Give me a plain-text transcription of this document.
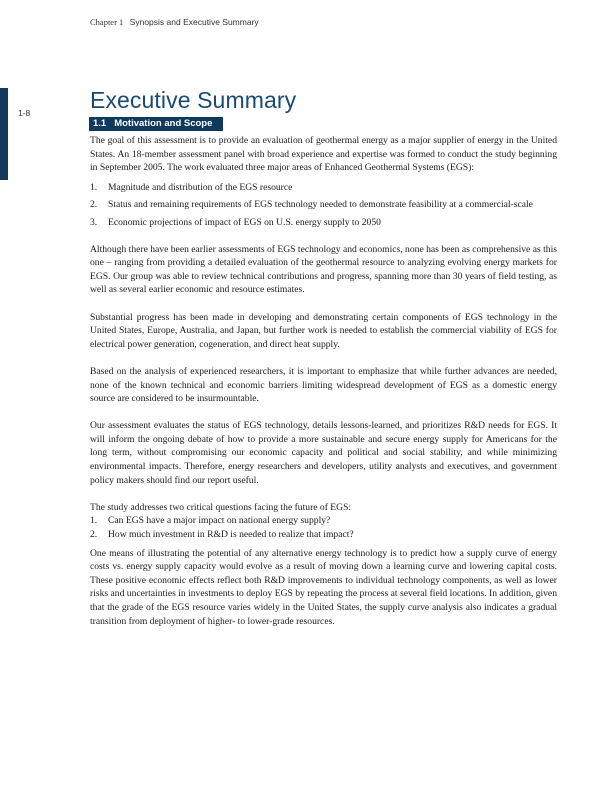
Chapter 1 Synopsis and Executive Summary
1-8	Executive Summary
1.1 Motivation and Scope

The goal of this assessment is to provide an evaluation of geothermal energy as a major supplier of energy in the United States. An 18-member assessment panel with broad experience and expertise was formed to conduct the study beginning in September 2005. The work evaluated three major areas of Enhanced Geothermal Systems (EGS):

1. Magnitude and distribution of the EGS resource
2. Status and remaining requirements of EGS technology needed to demonstrate feasibility at a commercial-scale
3. Economic projections of impact of EGS on U.S. energy supply to 2050

Although there have been earlier assessments of EGS technology and economics, none has been as comprehensive as this one – ranging from providing a detailed evaluation of the geothermal resource to analyzing evolving energy markets for EGS. Our group was able to review technical contributions and progress, spanning more than 30 years of field testing, as well as several earlier economic and resource estimates.

Substantial progress has been made in developing and demonstrating certain components of EGS technology in the United States, Europe, Australia, and Japan, but further work is needed to establish the commercial viability of EGS for electrical power generation, cogeneration, and direct heat supply.

Based on the analysis of experienced researchers, it is important to emphasize that while further advances are needed, none of the known technical and economic barriers limiting widespread development of EGS as a domestic energy source are considered to be insurmountable.

Our assessment evaluates the status of EGS technology, details lessons-learned, and prioritizes R&D needs for EGS. It will inform the ongoing debate of how to provide a more sustainable and secure energy supply for Americans for the long term, without compromising our economic capacity and political and social stability, and while minimizing environmental impacts. Therefore, energy researchers and developers, utility analysts and executives, and government policy makers should find our report useful.

The study addresses two critical questions facing the future of EGS:

1. Can EGS have a major impact on national energy supply?
2. How much investment in R&D is needed to realize that impact?

One means of illustrating the potential of any alternative energy technology is to predict how a supply curve of energy costs vs. energy supply capacity would evolve as a result of moving down a learning curve and lowering capital costs. These positive economic effects reflect both R&D improvements to individual technology components, as well as lower risks and uncertainties in investments to deploy EGS by repeating the process at several field locations. In addition, given that the grade of the EGS resource varies widely in the United States, the supply curve analysis also indicates a gradual transition from deployment of higher- to lower-grade resources.
